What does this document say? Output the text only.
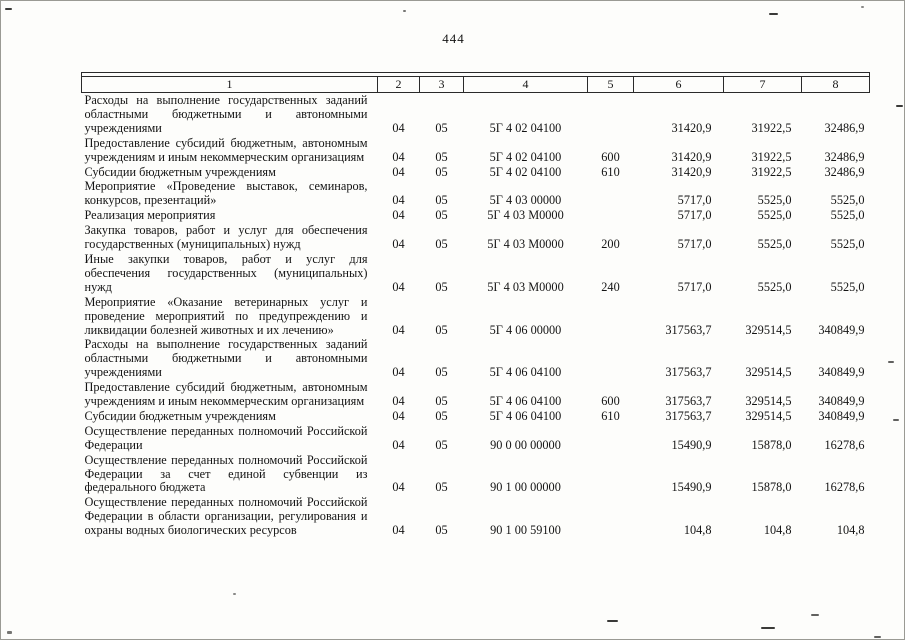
444

1	2	3	4	5	6	7	8
Расходы на выполнение государственных заданий областными бюджетными и автономными учреждениями	04	05	5Г 4 02 04100		31420,9	31922,5	32486,9
Предоставление субсидий бюджетным, автономным учреждениям и иным некоммерческим организациям	04	05	5Г 4 02 04100	600	31420,9	31922,5	32486,9
Субсидии бюджетным учреждениям	04	05	5Г 4 02 04100	610	31420,9	31922,5	32486,9
Мероприятие «Проведение выставок, семинаров, конкурсов, презентаций»	04	05	5Г 4 03 00000		5717,0	5525,0	5525,0
Реализация мероприятия	04	05	5Г 4 03 М0000		5717,0	5525,0	5525,0
Закупка товаров, работ и услуг для обеспечения государственных (муниципальных) нужд	04	05	5Г 4 03 М0000	200	5717,0	5525,0	5525,0
Иные закупки товаров, работ и услуг для обеспечения государственных (муниципальных) нужд	04	05	5Г 4 03 М0000	240	5717,0	5525,0	5525,0
Мероприятие «Оказание ветеринарных услуг и проведение мероприятий по предупреждению и ликвидации болезней животных и их лечению»	04	05	5Г 4 06 00000		317563,7	329514,5	340849,9
Расходы на выполнение государственных заданий областными бюджетными и автономными учреждениями	04	05	5Г 4 06 04100		317563,7	329514,5	340849,9
Предоставление субсидий бюджетным, автономным учреждениям и иным некоммерческим организациям	04	05	5Г 4 06 04100	600	317563,7	329514,5	340849,9
Субсидии бюджетным учреждениям	04	05	5Г 4 06 04100	610	317563,7	329514,5	340849,9
Осуществление переданных полномочий Российской Федерации	04	05	90 0 00 00000		15490,9	15878,0	16278,6
Осуществление переданных полномочий Российской Федерации за счет единой субвенции из федерального бюджета	04	05	90 1 00 00000		15490,9	15878,0	16278,6
Осуществление переданных полномочий Российской Федерации в области организации, регулирования и охраны водных биологических ресурсов	04	05	90 1 00 59100		104,8	104,8	104,8
